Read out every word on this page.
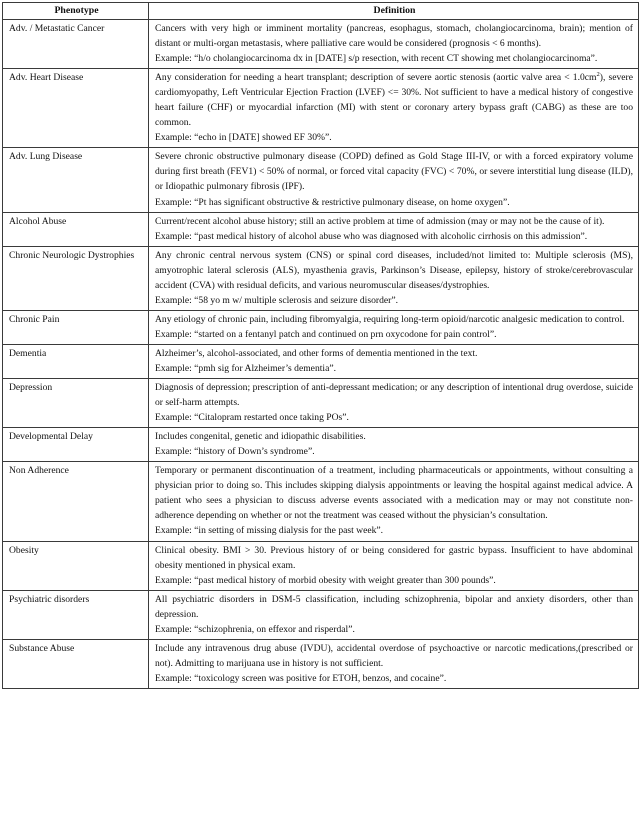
Phenotype	Definition

Adv. / Metastatic Cancer	Cancers with very high or imminent mortality (pancreas, esophagus, stomach, cholangiocarcinoma, brain); mention of distant or multi-organ metastasis, where palliative care would be considered (prognosis < 6 months).

Example: “h/o cholangiocarcinoma dx in [DATE] s/p resection, with recent CT showing met cholangiocarcinoma”.

Adv. Heart Disease	Any consideration for needing a heart transplant; description of severe aortic stenosis (aortic valve area < $1.0cm^2$), severe cardiomyopathy, Left Ventricular Ejection Fraction (LVEF) <= 30%. Not sufficient to have a medical history of congestive heart failure (CHF) or myocardial infarction (MI) with stent or coronary artery bypass graft (CABG) as these are too common.

Example: “echo in [DATE] showed EF 30%”.

Adv. Lung Disease	Severe chronic obstructive pulmonary disease (COPD) defined as Gold Stage III-IV, or with a forced expiratory volume during first breath (FEV1) < 50% of normal, or forced vital capacity (FVC) < 70%, or severe interstitial lung disease (ILD), or Idiopathic pulmonary fibrosis (IPF).

Example: “Pt has significant obstructive & restrictive pulmonary disease, on home oxygen”.

Alcohol Abuse	Current/recent alcohol abuse history; still an active problem at time of admission (may or may not be the cause of it).

Example: “past medical history of alcohol abuse who was diagnosed with alcoholic cirrhosis on this admission”.

Chronic Neurologic Dystrophies	Any chronic central nervous system (CNS) or spinal cord diseases, included/not limited to: Multiple sclerosis (MS), amyotrophic lateral sclerosis (ALS), myasthenia gravis, Parkinson’s Disease, epilepsy, history of stroke/cerebrovascular accident (CVA) with residual deficits, and various neuromuscular diseases/dystrophies.

Example: “58 yo m w/ multiple sclerosis and seizure disorder”.

Chronic Pain	Any etiology of chronic pain, including fibromyalgia, requiring long-term opioid/narcotic analgesic medication to control.

Example: “started on a fentanyl patch and continued on prn oxycodone for pain control”.

Dementia	Alzheimer’s, alcohol-associated, and other forms of dementia mentioned in the text.

Example: “pmh sig for Alzheimer’s dementia”.

Depression	Diagnosis of depression; prescription of anti-depressant medication; or any description of intentional drug overdose, suicide or self-harm attempts.

Example: “Citalopram restarted once taking POs”.

Developmental Delay	Includes congenital, genetic and idiopathic disabilities.

Example: “history of Down’s syndrome”.

Non Adherence	Temporary or permanent discontinuation of a treatment, including pharmaceuticals or appointments, without consulting a physician prior to doing so. This includes skipping dialysis appointments or leaving the hospital against medical advice. A patient who sees a physician to discuss adverse events associated with a medication may or may not constitute non-adherence depending on whether or not the treatment was ceased without the physician’s consultation.

Example: “in setting of missing dialysis for the past week”.

Obesity	Clinical obesity. BMI > 30. Previous history of or being considered for gastric bypass. Insufficient to have abdominal obesity mentioned in physical exam.

Example: “past medical history of morbid obesity with weight greater than 300 pounds”.

Psychiatric disorders	All psychiatric disorders in DSM-5 classification, including schizophrenia, bipolar and anxiety disorders, other than depression.

Example: “schizophrenia, on effexor and risperdal”.

Substance Abuse	Include any intravenous drug abuse (IVDU), accidental overdose of psychoactive or narcotic medications,(prescribed or not). Admitting to marijuana use in history is not sufficient.

Example: “toxicology screen was positive for ETOH, benzos, and cocaine”.
